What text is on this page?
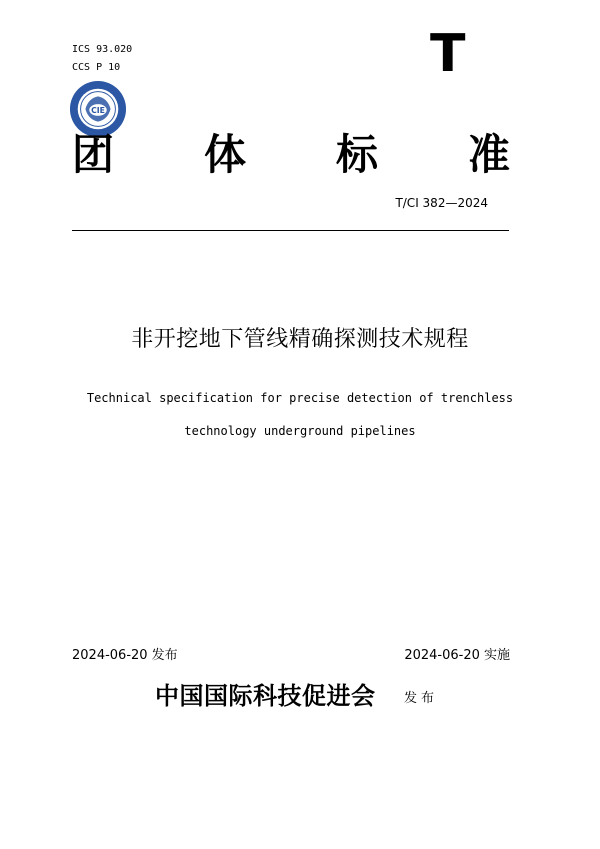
ICS 93.020
CCS P 10	T
CIE
团 体 标 准
T/CI 382—2024
非开挖地下管线精确探测技术规程
Technical specification for precise detection of trenchless
technology underground pipelines
2024-06-20 发布	2024-06-20 实施
中国国际科技促进会 发布
